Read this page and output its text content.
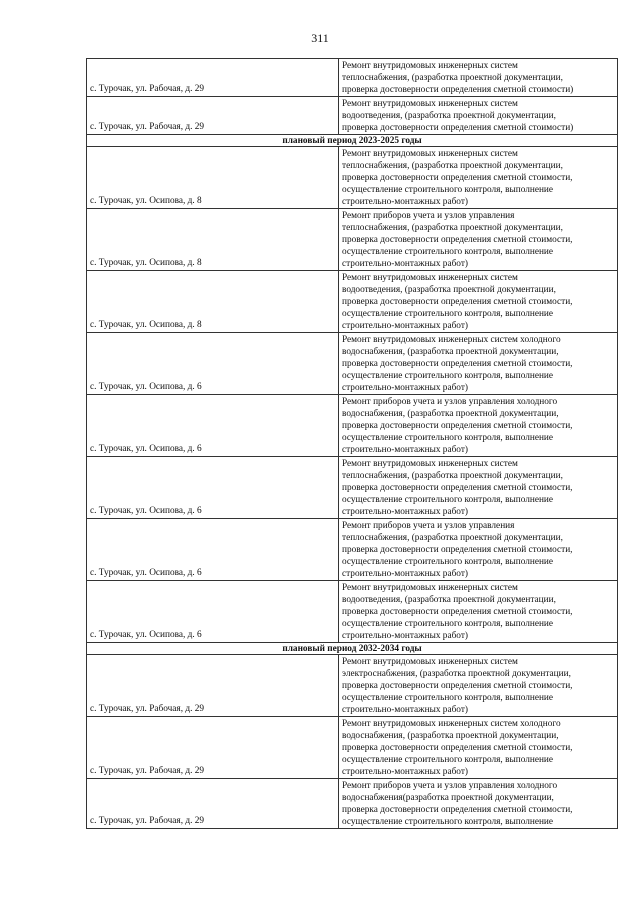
311
с. Турочак, ул. Рабочая, д. 29	Ремонт внутридомовых инженерных систем
теплоснабжения, (разработка проектной документации,
проверка достоверности определения сметной стоимости)
с. Турочак, ул. Рабочая, д. 29	Ремонт внутридомовых инженерных систем
водоотведения, (разработка проектной документации,
проверка достоверности определения сметной стоимости)
плановый период 2023-2025 годы	
с. Турочак, ул. Осипова, д. 8	Ремонт внутридомовых инженерных систем
теплоснабжения, (разработка проектной документации,
проверка достоверности определения сметной стоимости,
осуществление строительного контроля, выполнение
строительно-монтажных работ)
с. Турочак, ул. Осипова, д. 8	Ремонт приборов учета и узлов управления
теплоснабжения, (разработка проектной документации,
проверка достоверности определения сметной стоимости,
осуществление строительного контроля, выполнение
строительно-монтажных работ)
с. Турочак, ул. Осипова, д. 8	Ремонт внутридомовых инженерных систем
водоотведения, (разработка проектной документации,
проверка достоверности определения сметной стоимости,
осуществление строительного контроля, выполнение
строительно-монтажных работ)
с. Турочак, ул. Осипова, д. 6	Ремонт внутридомовых инженерных систем холодного
водоснабжения, (разработка проектной документации,
проверка достоверности определения сметной стоимости,
осуществление строительного контроля, выполнение
строительно-монтажных работ)
с. Турочак, ул. Осипова, д. 6	Ремонт приборов учета и узлов управления холодного
водоснабжения, (разработка проектной документации,
проверка достоверности определения сметной стоимости,
осуществление строительного контроля, выполнение
строительно-монтажных работ)
с. Турочак, ул. Осипова, д. 6	Ремонт внутридомовых инженерных систем
теплоснабжения, (разработка проектной документации,
проверка достоверности определения сметной стоимости,
осуществление строительного контроля, выполнение
строительно-монтажных работ)
с. Турочак, ул. Осипова, д. 6	Ремонт приборов учета и узлов управления
теплоснабжения, (разработка проектной документации,
проверка достоверности определения сметной стоимости,
осуществление строительного контроля, выполнение
строительно-монтажных работ)
с. Турочак, ул. Осипова, д. 6	Ремонт внутридомовых инженерных систем
водоотведения, (разработка проектной документации,
проверка достоверности определения сметной стоимости,
осуществление строительного контроля, выполнение
строительно-монтажных работ)
плановый период 2032-2034 годы	
с. Турочак, ул. Рабочая, д. 29	Ремонт внутридомовых инженерных систем
электроснабжения, (разработка проектной документации,
проверка достоверности определения сметной стоимости,
осуществление строительного контроля, выполнение
строительно-монтажных работ)
с. Турочак, ул. Рабочая, д. 29	Ремонт внутридомовых инженерных систем холодного
водоснабжения, (разработка проектной документации,
проверка достоверности определения сметной стоимости,
осуществление строительного контроля, выполнение
строительно-монтажных работ)
с. Турочак, ул. Рабочая, д. 29	Ремонт приборов учета и узлов управления холодного
водоснабжения(разработка проектной документации,
проверка достоверности определения сметной стоимости,
осуществление строительного контроля, выполнение
